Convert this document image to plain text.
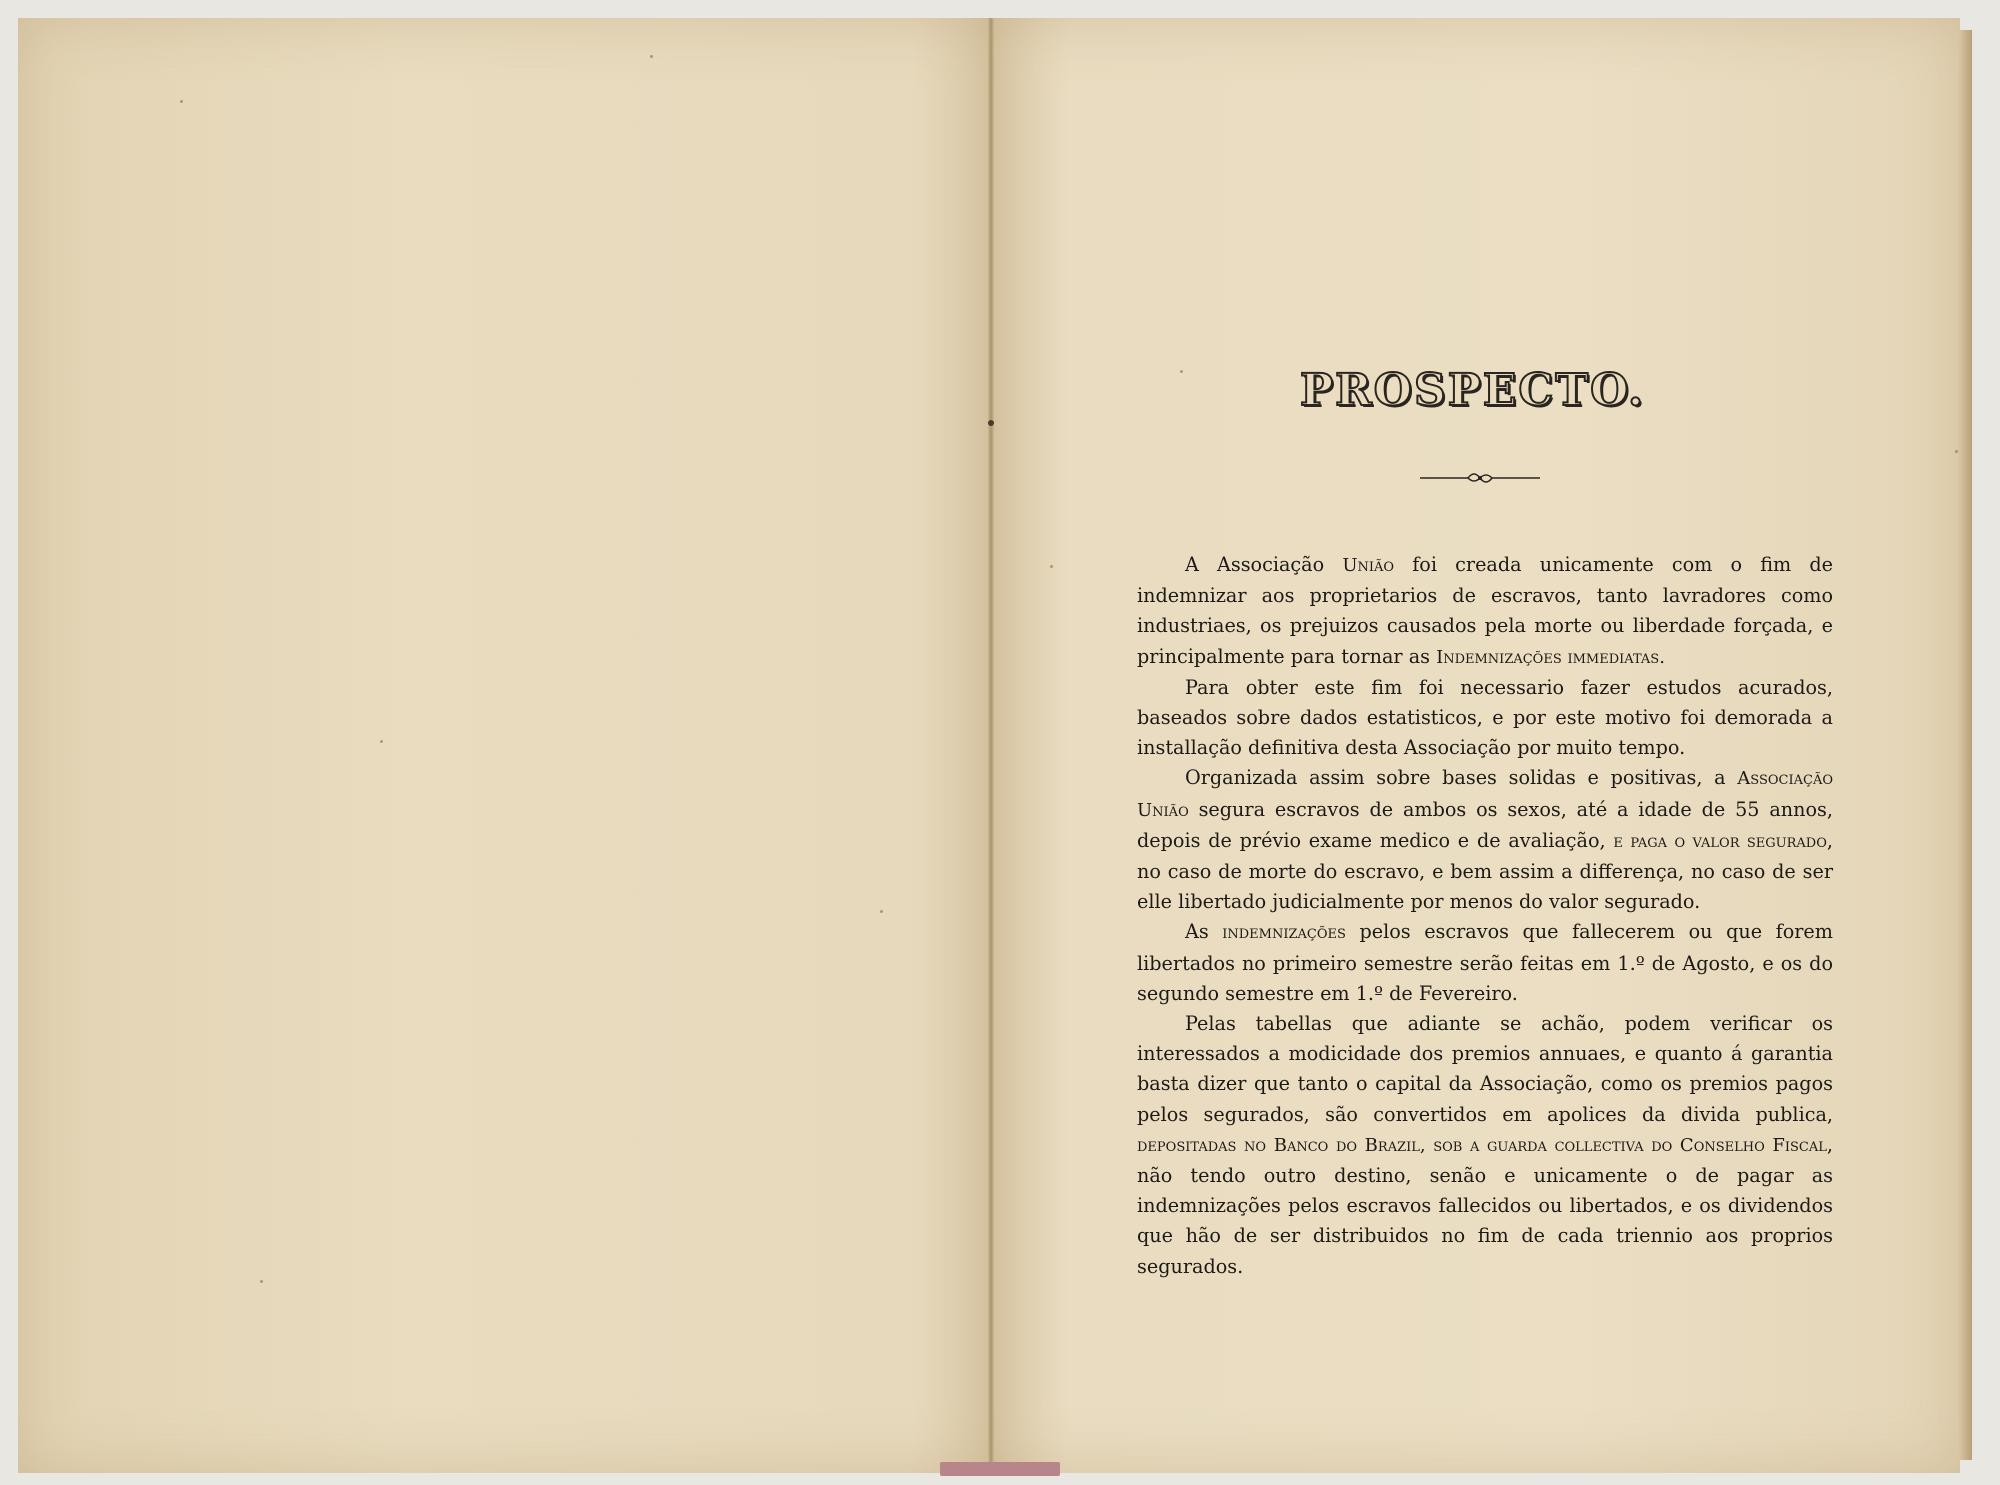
PROSPECTO.

A Associação União foi creada unicamente com o fim de indemnizar aos proprietarios de escravos, tanto lavradores como industriaes, os prejuizos causados pela morte ou liberdade forçada, e principalmente para tornar as Indemnizações immediatas.

Para obter este fim foi necessario fazer estudos acurados, baseados sobre dados estatisticos, e por este motivo foi demorada a installação definitiva desta Associação por muito tempo.

Organizada assim sobre bases solidas e positivas, a Associação União segura escravos de ambos os sexos, até a idade de 55 annos, depois de prévio exame medico e de avaliação, e paga o valor segurado, no caso de morte do escravo, e bem assim a differença, no caso de ser elle libertado judicialmente por menos do valor segurado.

As indemnizações pelos escravos que fallecerem ou que forem libertados no primeiro semestre serão feitas em 1.º de Agosto, e os do segundo semestre em 1.º de Fevereiro.

Pelas tabellas que adiante se achão, podem verificar os interessados a modicidade dos premios annuaes, e quanto á garantia basta dizer que tanto o capital da Associação, como os premios pagos pelos segurados, são convertidos em apolices da divida publica, depositadas no Banco do Brazil, sob a guarda collectiva do Conselho Fiscal, não tendo outro destino, senão e unicamente o de pagar as indemnizações pelos escravos fallecidos ou libertados, e os dividendos que hão de ser distribuidos no fim de cada triennio aos proprios segurados.
